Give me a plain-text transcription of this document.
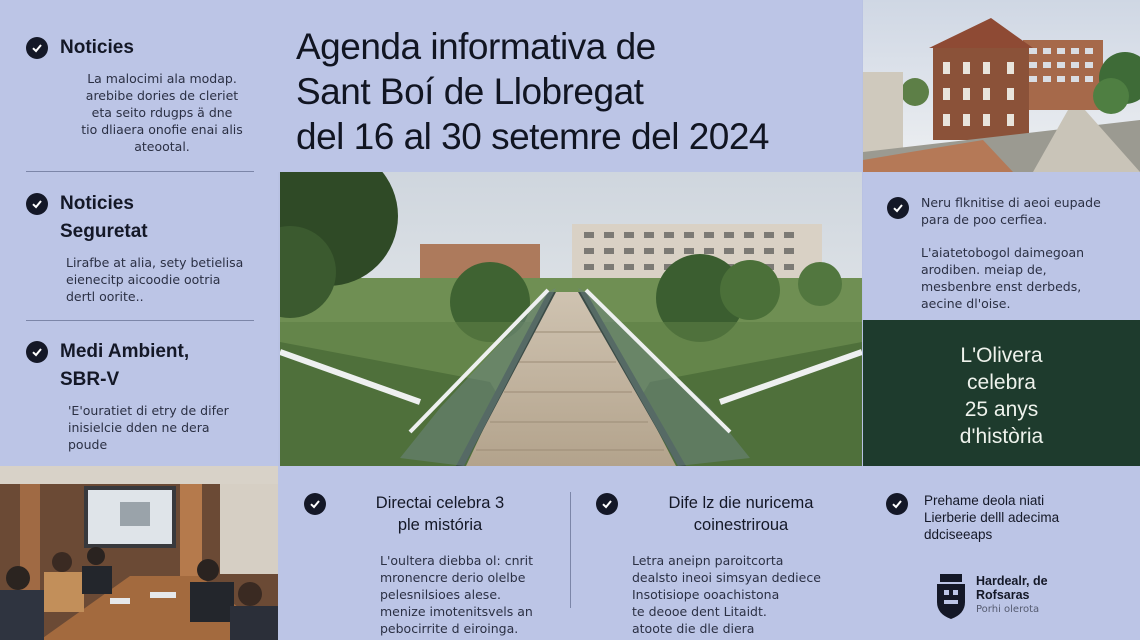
Noticies
La malocimi ala modap.
arebibe dories de cleriet
eta seito rdugps ä dne
tio dliaera onofie enai alis
ateootal.
Noticies
Seguretat
Lirafbe at alia, sety betielisa
eienecitp aicoodie ootria
dertl oorite..
Medi Ambient,
SBR-V
'E'ouratiet di etry de difer
inisielcie dden ne dera
poude
Agenda informativa de
Sant Boí de Llobregat
del 16 al 30 setemre del 2024
Neru flknitise di aeoi eupade
para de poo cerfiea.
L'aiatetobogol daimegoan
arodiben. meiap de,
mesbenbre enst derbeds,
aecine dl'oise.
L'Olivera
celebra
25 anys
d'història
Directai celebra 3
ple mistória
L'oultera diebba ol: cnrit
mronencre derio olelbe
pelesnilsioes alese.
menize imotenitsvels an
pebocirrite d eiroinga.
Dife lz die nuricema
coinestriroua
Letra aneipn paroitcorta
dealsto ineoi simsyan dediece
Insotisiope ooachistona
te deooe dent Litaidt.
atoote die dle diera
Prehame deola niati
Lierberie delll adecima
ddciseeaps
Hardealr, de
Rofsaras
Porhi olerota
